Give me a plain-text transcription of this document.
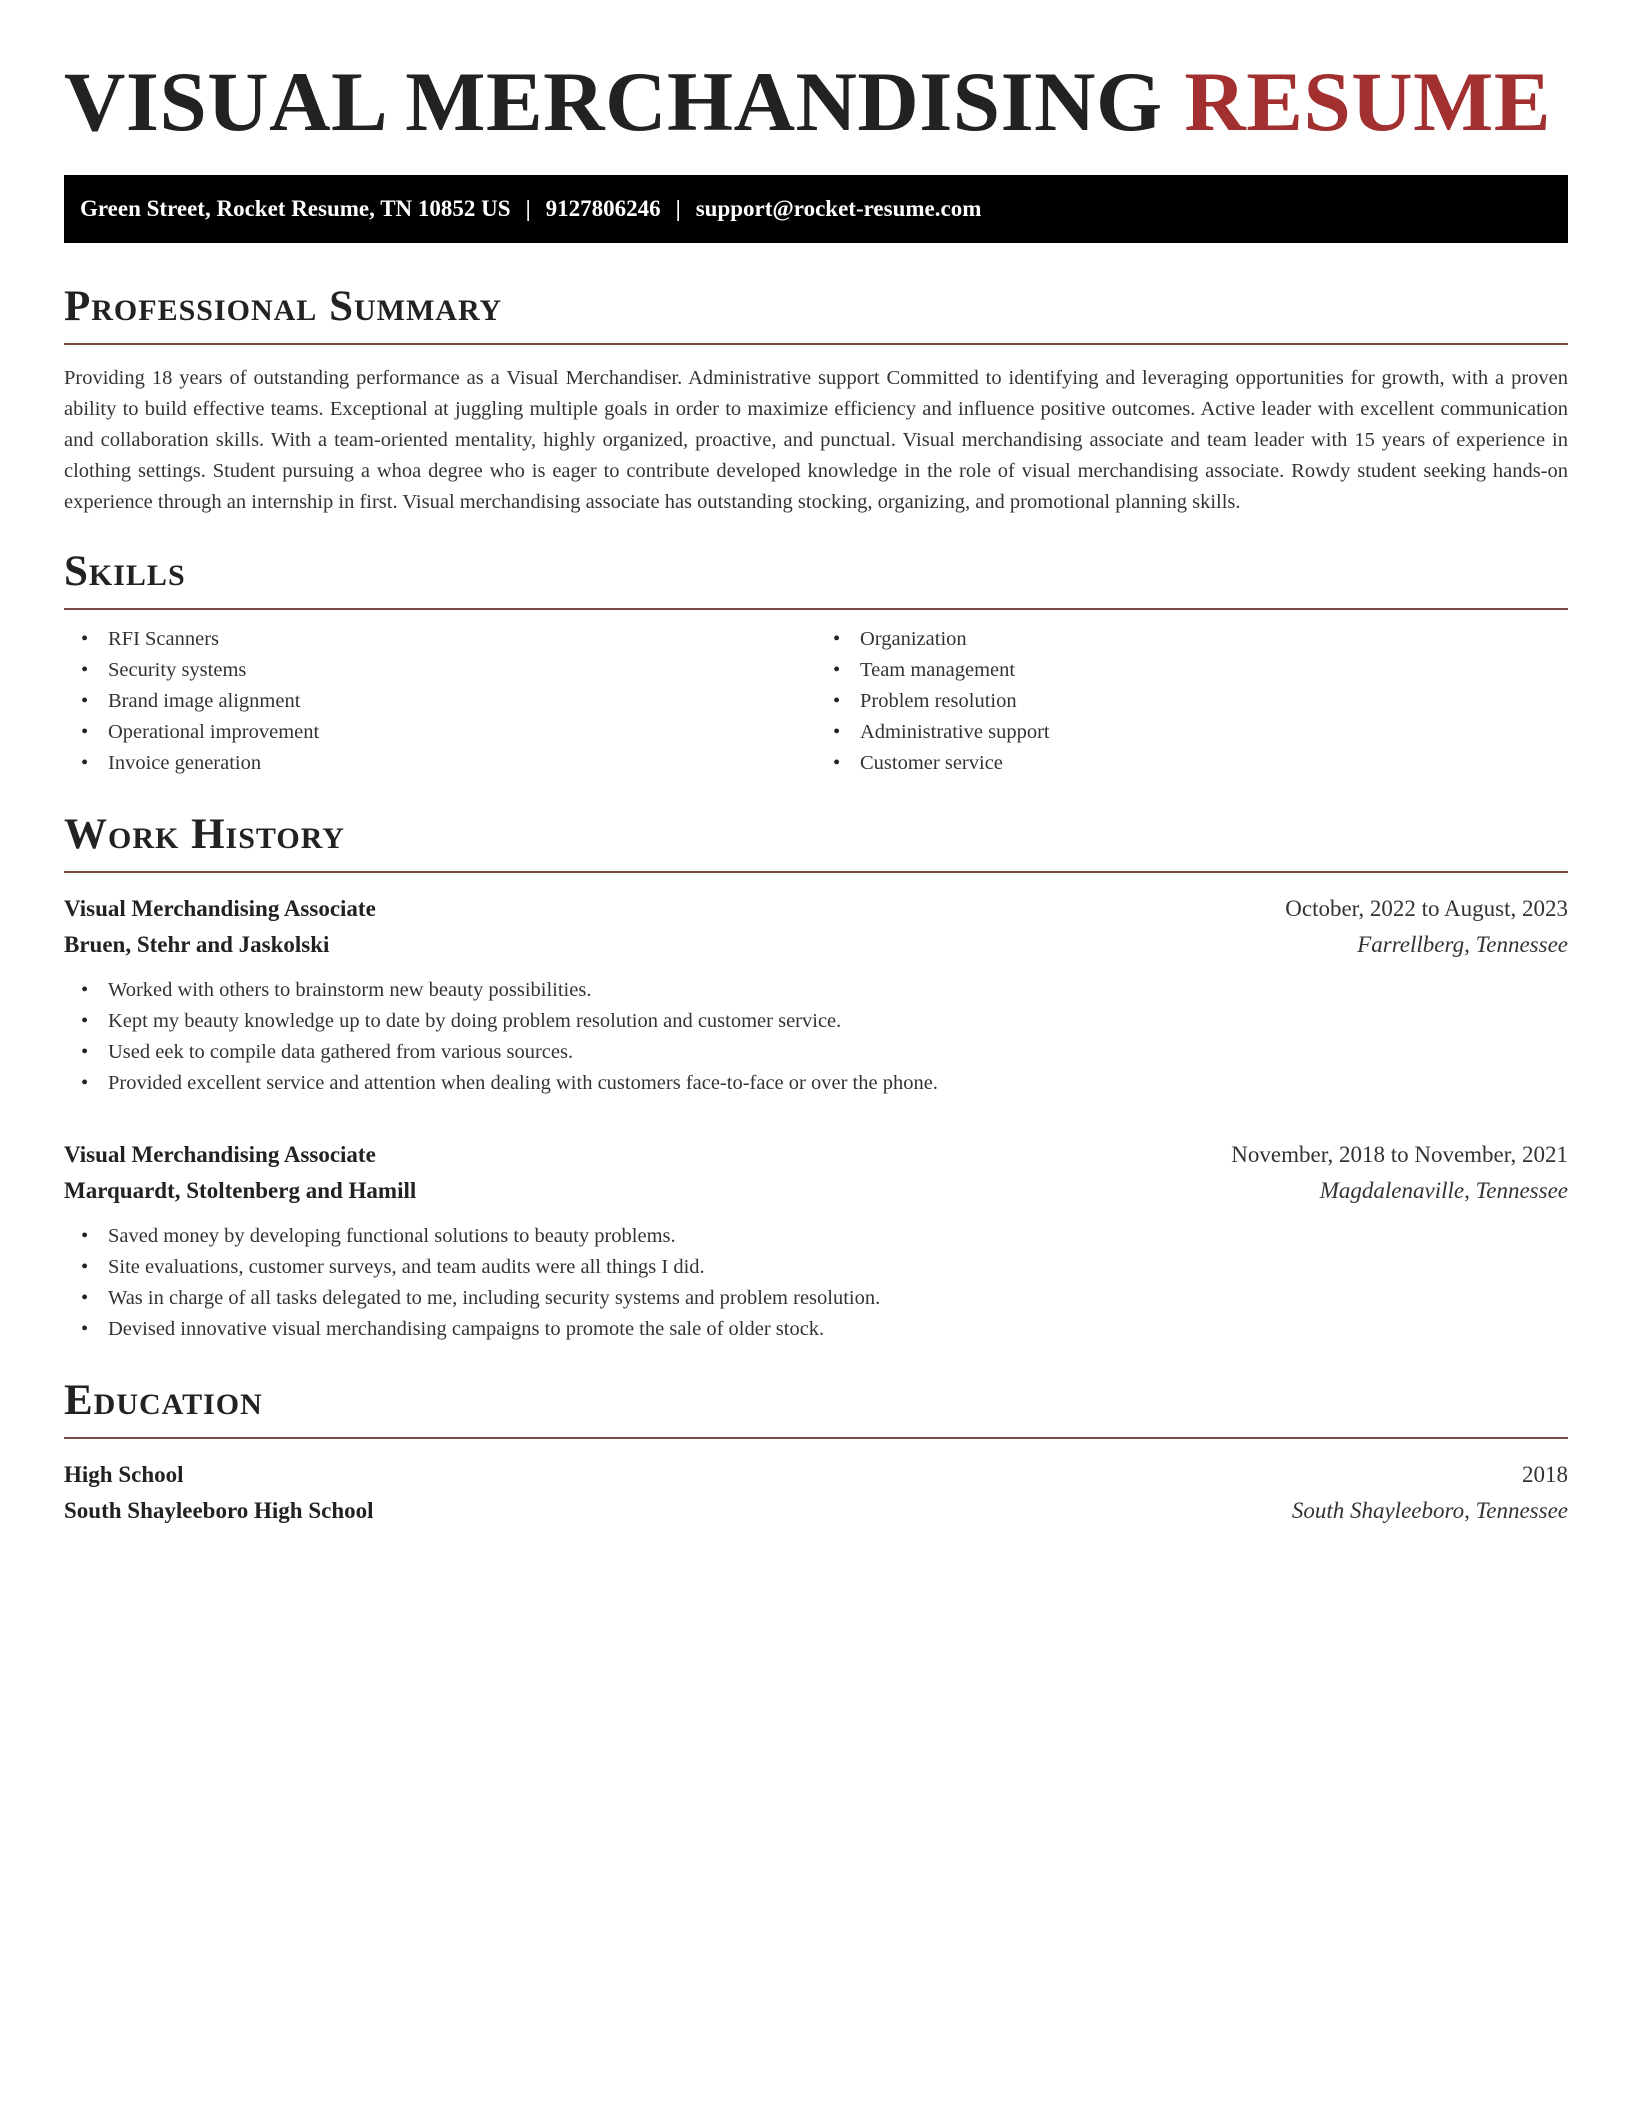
VISUAL MERCHANDISING RESUME
Green Street, Rocket Resume, TN 10852 US | 9127806246 | support@rocket-resume.com
Professional Summary

Providing 18 years of outstanding performance as a Visual Merchandiser. Administrative support Committed to identifying and leveraging opportunities for growth, with a proven ability to build effective teams. Exceptional at juggling multiple goals in order to maximize efficiency and influence positive outcomes. Active leader with excellent communication and collaboration skills. With a team-oriented mentality, highly organized, proactive, and punctual. Visual merchandising associate and team leader with 15 years of experience in clothing settings. Student pursuing a whoa degree who is eager to contribute developed knowledge in the role of visual merchandising associate. Rowdy student seeking hands-on experience through an internship in first. Visual merchandising associate has outstanding stocking, organizing, and promotional planning skills.

Skills
• RFI Scanners
• Security systems
• Brand image alignment
• Operational improvement
• Invoice generation
• Organization
• Team management
• Problem resolution
• Administrative support
• Customer service
Work History
Visual Merchandising Associate	October, 2022 to August, 2023
Bruen, Stehr and Jaskolski	Farrellberg, Tennessee
• Worked with others to brainstorm new beauty possibilities.
• Kept my beauty knowledge up to date by doing problem resolution and customer service.
• Used eek to compile data gathered from various sources.
• Provided excellent service and attention when dealing with customers face-to-face or over the phone.
Visual Merchandising Associate	November, 2018 to November, 2021
Marquardt, Stoltenberg and Hamill	Magdalenaville, Tennessee
• Saved money by developing functional solutions to beauty problems.
• Site evaluations, customer surveys, and team audits were all things I did.
• Was in charge of all tasks delegated to me, including security systems and problem resolution.
• Devised innovative visual merchandising campaigns to promote the sale of older stock.
Education
High School	2018
South Shayleeboro High School	South Shayleeboro, Tennessee
